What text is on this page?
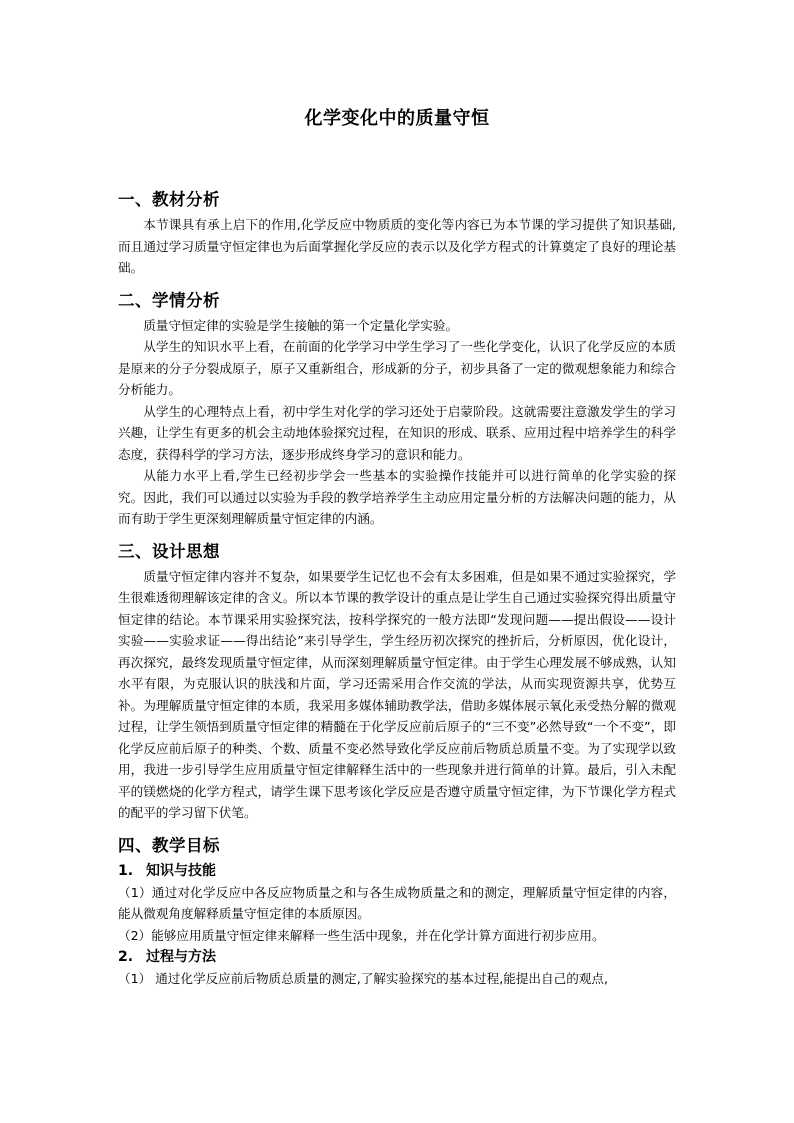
化学变化中的质量守恒
一、教材分析

本节课具有承上启下的作用,化学反应中物质质的变化等内容已为本节课的学习提供了知识基础,而且通过学习质量守恒定律也为后面掌握化学反应的表示以及化学方程式的计算奠定了良好的理论基础。

二、学情分析

质量守恒定律的实验是学生接触的第一个定量化学实验。

从学生的知识水平上看，在前面的化学学习中学生学习了一些化学变化，认识了化学反应的本质是原来的分子分裂成原子，原子又重新组合，形成新的分子，初步具备了一定的微观想象能力和综合分析能力。

从学生的心理特点上看，初中学生对化学的学习还处于启蒙阶段。这就需要注意激发学生的学习兴趣，让学生有更多的机会主动地体验探究过程，在知识的形成、联系、应用过程中培养学生的科学态度，获得科学的学习方法，逐步形成终身学习的意识和能力。

从能力水平上看,学生已经初步学会一些基本的实验操作技能并可以进行简单的化学实验的探究。因此，我们可以通过以实验为手段的教学培养学生主动应用定量分析的方法解决问题的能力，从而有助于学生更深刻理解质量守恒定律的内涵。

三、设计思想

质量守恒定律内容并不复杂，如果要学生记忆也不会有太多困难，但是如果不通过实验探究，学生很难透彻理解该定律的含义。所以本节课的教学设计的重点是让学生自己通过实验探究得出质量守恒定律的结论。本节课采用实验探究法，按科学探究的一般方法即“发现问题——提出假设——设计实验——实验求证——得出结论”来引导学生，学生经历初次探究的挫折后，分析原因，优化设计，再次探究，最终发现质量守恒定律，从而深刻理解质量守恒定律。由于学生心理发展不够成熟，认知水平有限，为克服认识的肤浅和片面，学习还需采用合作交流的学法，从而实现资源共享，优势互补。为理解质量守恒定律的本质，我采用多媒体辅助教学法，借助多媒体展示氧化汞受热分解的微观过程，让学生领悟到质量守恒定律的精髓在于化学反应前后原子的“三不变”必然导致“一个不变”，即化学反应前后原子的种类、个数、质量不变必然导致化学反应前后物质总质量不变。为了实现学以致用，我进一步引导学生应用质量守恒定律解释生活中的一些现象并进行简单的计算。最后，引入未配平的镁燃烧的化学方程式，请学生课下思考该化学反应是否遵守质量守恒定律，为下节课化学方程式的配平的学习留下伏笔。

四、教学目标
1. 知识与技能

（1）通过对化学反应中各反应物质量之和与各生成物质量之和的测定，理解质量守恒定律的内容，能从微观角度解释质量守恒定律的本质原因。

（2）能够应用质量守恒定律来解释一些生活中现象，并在化学计算方面进行初步应用。

2. 过程与方法

（1） 通过化学反应前后物质总质量的测定,了解实验探究的基本过程,能提出自己的观点,
